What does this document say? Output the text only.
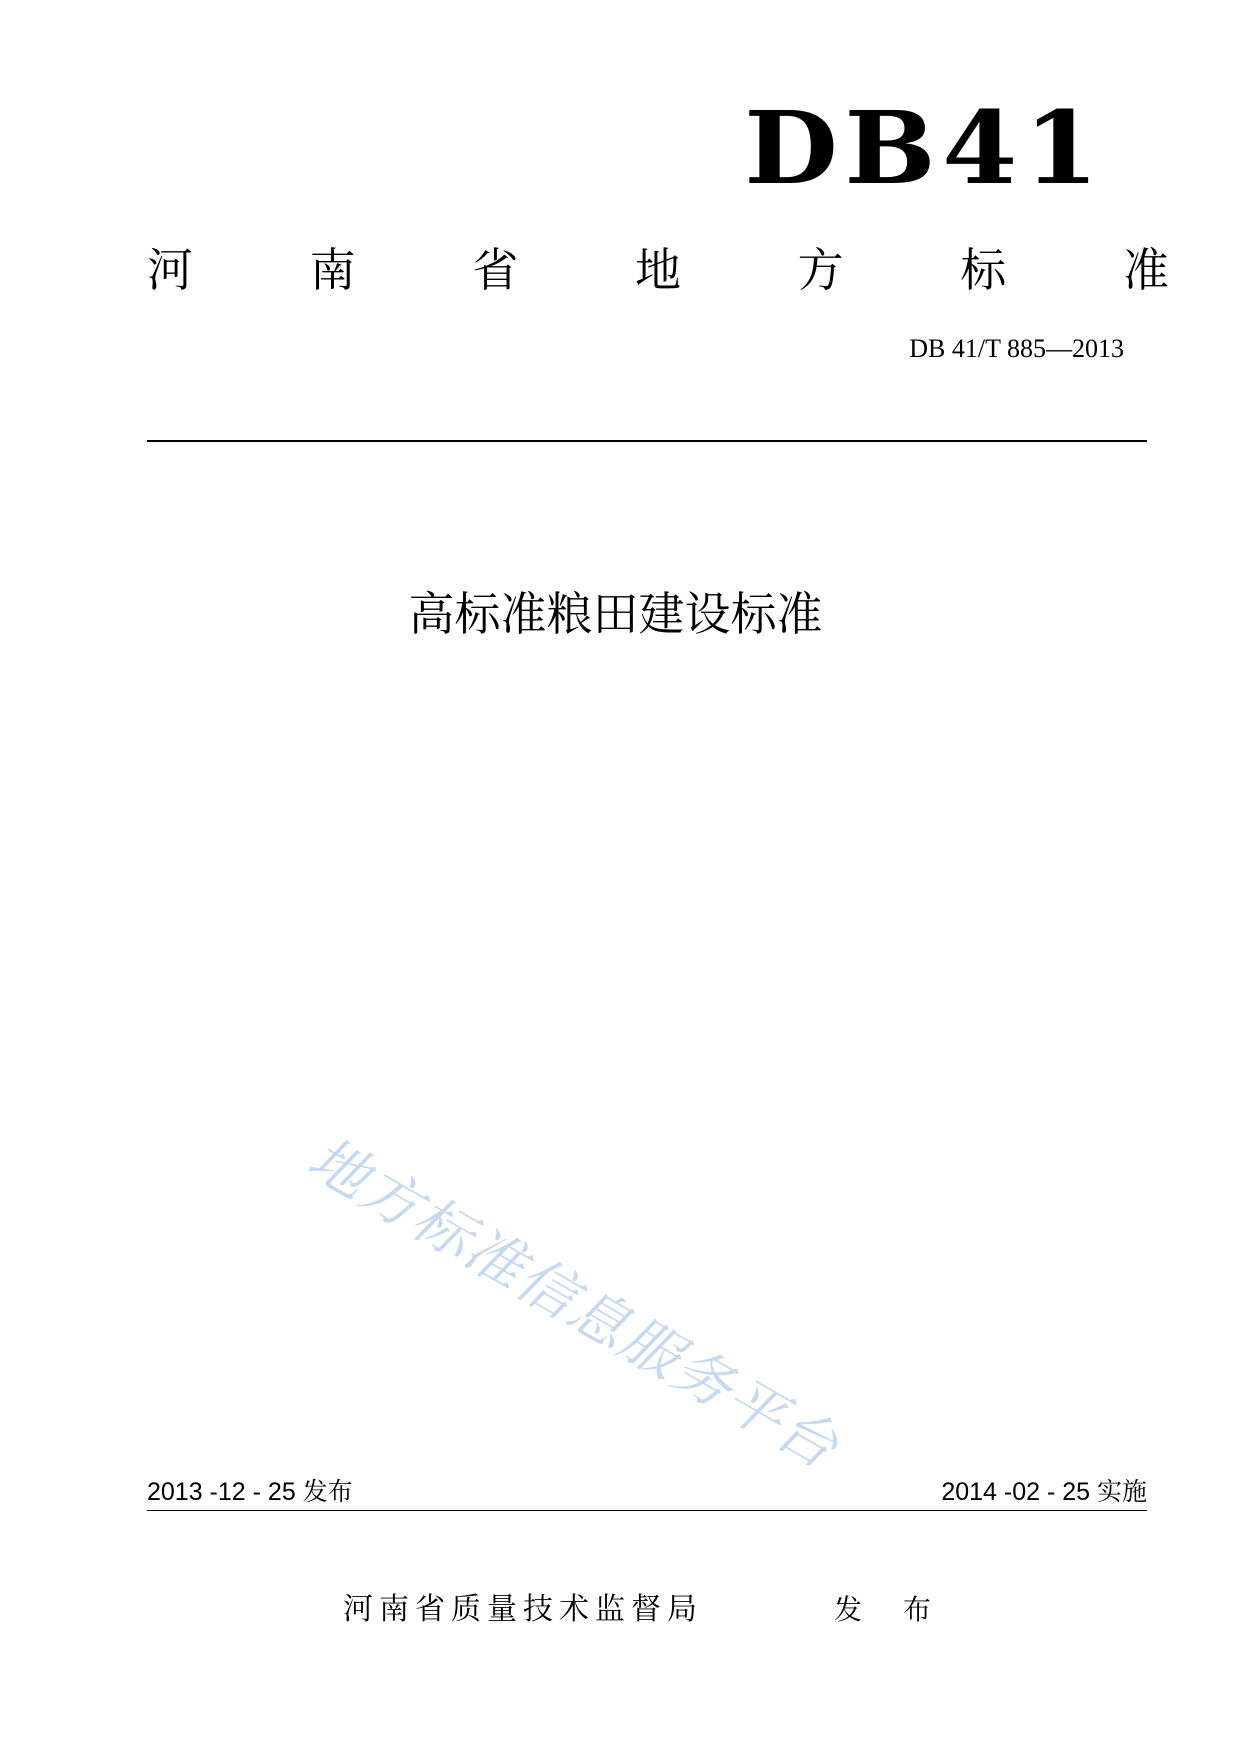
DB41
河	南	省	地	方	标	准
DB 41/T 885—2013
高标准粮田建设标准
地方标准信息服务平台
2013 -12 - 25 发布	2014 -02 - 25 实施
河南省质量技术监督局	发 布
